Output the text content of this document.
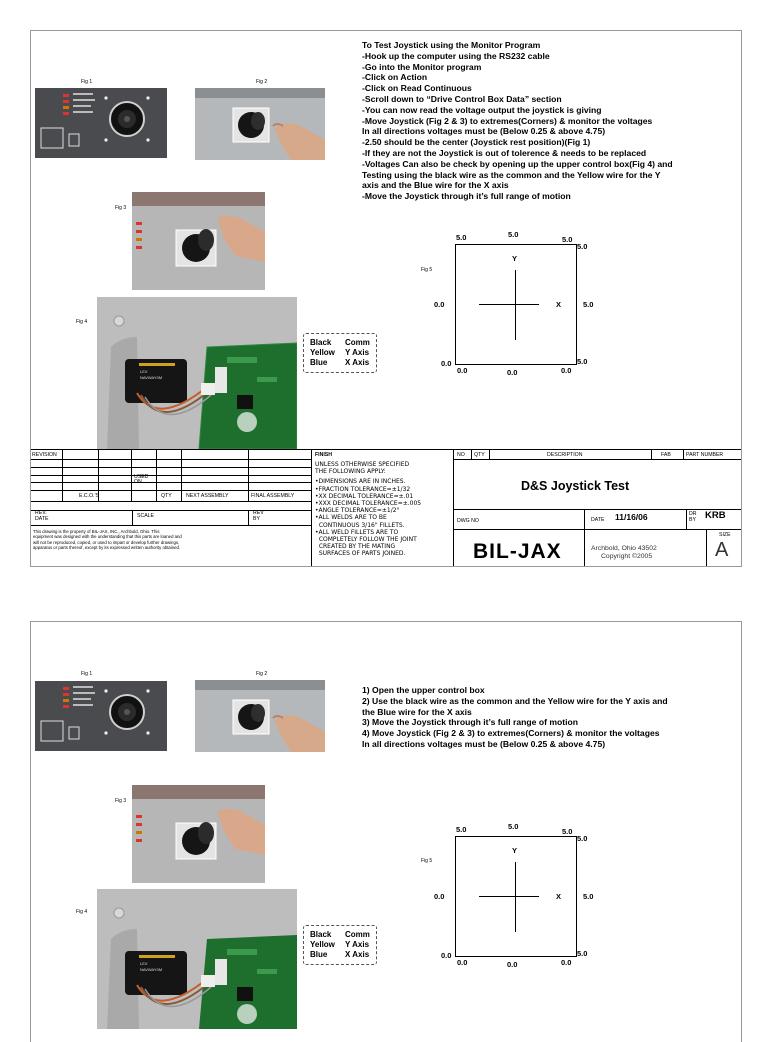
Fig 1	Fig 2
Fig 3
Fig 4
LEX
NAVWAY0M
Black Comm
Yellow Y Axis
Blue X Axis
To Test Joystick using the Monitor Program
-Hook up the computer using the RS232 cable
-Go into the Monitor program
-Click on Action
-Click on Read Continuous
-Scroll down to “Drive Control Box Data” section
-You can now read the voltage output the joystick is giving
-Move Joystick (Fig 2 & 3) to extremes(Corners) & monitor the voltages
In all directions voltages must be (Below 0.25 & above 4.75)
-2.50 should be the center (Joystick rest position)(Fig 1)
-If they are not the Joystick is out of tolerence & needs to be replaced
-Voltages Can also be check by opening up the upper control box(Fig 4) and
Testing using the black wire as the common and the Yellow wire for the Y
axis and the Blue wire for the X axis
-Move the Joystick through it’s full range of motion
Fig 5
5.0	5.0
5.0
5.0
Y
X
0.0	5.0
0.0
0.0	0.0	0.0
5.0
REVISION
USED
ON
E.C.O.'S	QTY	NEXT ASSEMBLY	FINAL ASSEMBLY
REV.
DATE	SCALE	REV
BY
This drawing is the property of BIL-JAX, INC., Archbold, Ohio. This
equipment was designed with the understanding that this parts are loaned and
will not be reproduced, copied, or used to impart or develop further drawings,
apparatus or parts thereof, except by its expressed written authority obtained.
FINISH
UNLESS OTHERWISE SPECIFIED
THE FOLLOWING APPLY:
•DIMENSIONS ARE IN INCHES.
•FRACTION TOLERANCE=±1/32
•XX DECIMAL TOLERANCE=±.01
•XXX DECIMAL TOLERANCE=±.005
•ANGLE TOLERANCE=±1/2°
•ALL WELDS ARE TO BE
CONTINUOUS 3/16" FILLETS.
•ALL WELD FILLETS ARE TO
COMPLETELY FOLLOW THE JOINT
CREATED BY THE MATING
SURFACES OF PARTS JOINED.
NO QTY	DESCRIPTION	FAB	PART NUMBER
D&S Joystick Test
DWG NO	DATE 11/16/06	DR
BY KRB
BIL-JAX	Archbold, Ohio 43502
Copyright ©2005
SIZE
A
Fig 1	Fig 2
Fig 3
Fig 4
LEX
NAVWAY0M
Black Comm
Yellow Y Axis
Blue X Axis
1) Open the upper control box
2) Use the black wire as the common and the Yellow wire for the Y axis and
the Blue wire for the X axis
3) Move the Joystick through it’s full range of motion
4) Move Joystick (Fig 2 & 3) to extremes(Corners) & monitor the voltages
In all directions voltages must be (Below 0.25 & above 4.75)
Fig 5
5.0	5.0
5.0
5.0
Y
X
0.0	5.0
0.0
0.0	0.0	0.0
5.0
